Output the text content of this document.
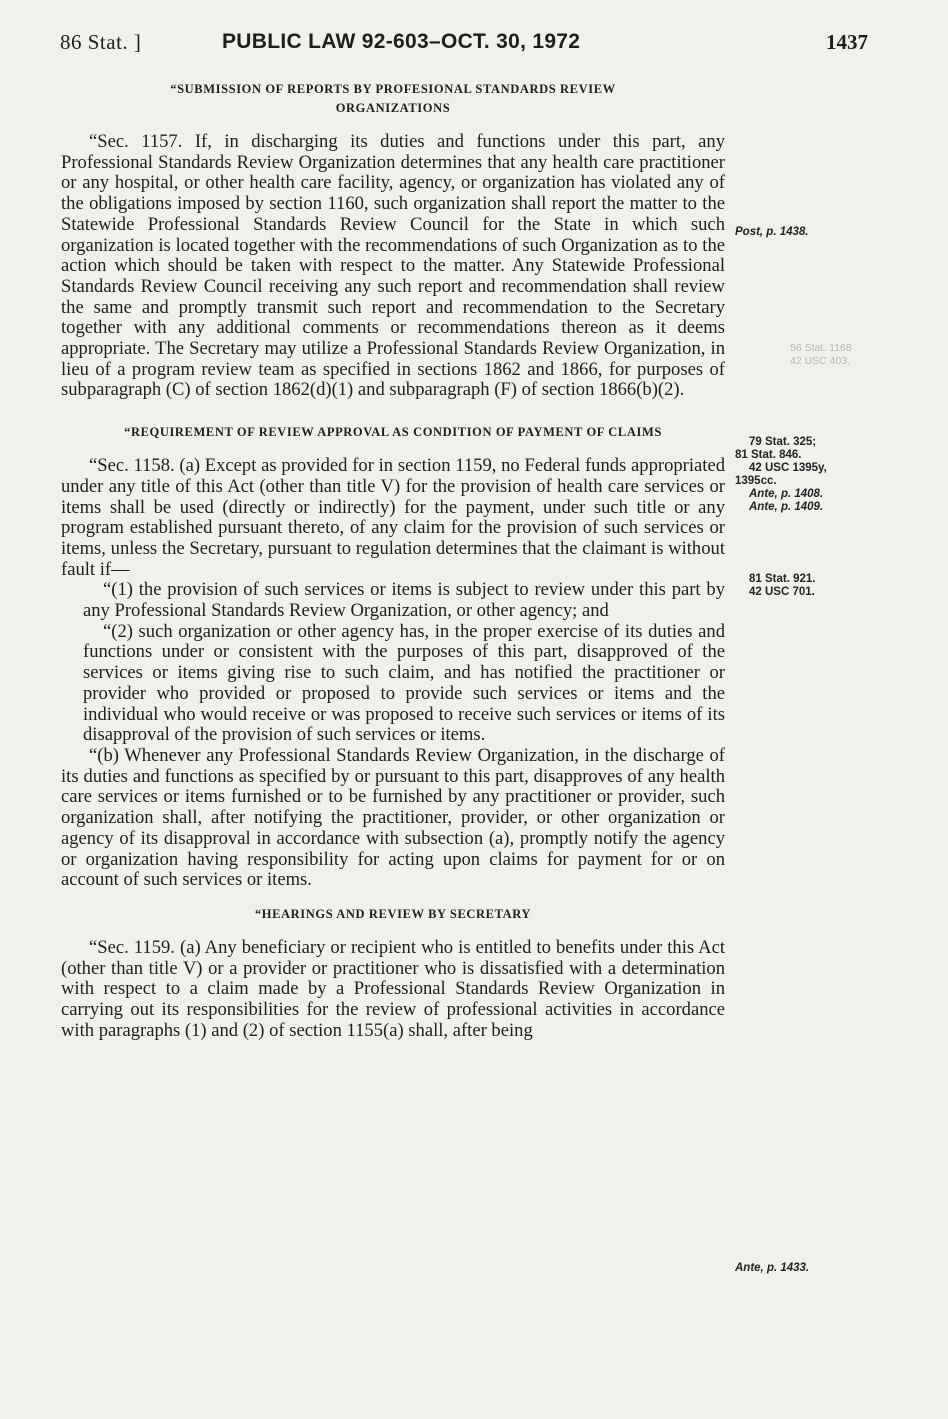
86 Stat. ]	PUBLIC LAW 92-603–OCT. 30, 1972	1437
“SUBMISSION OF REPORTS BY PROFESIONAL STANDARDS REVIEW
ORGANIZATIONS

“Sec. 1157. If, in discharging its duties and functions under this part, any Professional Standards Review Organization determines that any health care practitioner or any hospital, or other health care facility, agency, or organization has violated any of the obligations imposed by section 1160, such organization shall report the matter to the Statewide Professional Standards Review Council for the State in which such organization is located together with the recommendations of such Organization as to the action which should be taken with respect to the matter. Any Statewide Professional Standards Review Council receiving any such report and recommendation shall review the same and promptly transmit such report and recommendation to the Secretary together with any additional comments or recommendations thereon as it deems appropriate. The Secretary may utilize a Professional Standards Review Organization, in lieu of a program review team as specified in sections 1862 and 1866, for purposes of subparagraph (C) of section 1862(d)(1) and subparagraph (F) of section 1866(b)(2).

“REQUIREMENT OF REVIEW APPROVAL AS CONDITION OF PAYMENT OF CLAIMS

“Sec. 1158. (a) Except as provided for in section 1159, no Federal funds appropriated under any title of this Act (other than title V) for the provision of health care services or items shall be used (directly or indirectly) for the payment, under such title or any program established pursuant thereto, of any claim for the provision of such services or items, unless the Secretary, pursuant to regulation determines that the claimant is without fault if—

“(1) the provision of such services or items is subject to review under this part by any Professional Standards Review Organization, or other agency; and

“(2) such organization or other agency has, in the proper exercise of its duties and functions under or consistent with the purposes of this part, disapproved of the services or items giving rise to such claim, and has notified the practitioner or provider who provided or proposed to provide such services or items and the individual who would receive or was proposed to receive such services or items of its disapproval of the provision of such services or items.

“(b) Whenever any Professional Standards Review Organization, in the discharge of its duties and functions as specified by or pursuant to this part, disapproves of any health care services or items furnished or to be furnished by any practitioner or provider, such organization shall, after notifying the practitioner, provider, or other organization or agency of its disapproval in accordance with subsection (a), promptly notify the agency or organization having responsibility for acting upon claims for payment for or on account of such services or items.

“HEARINGS AND REVIEW BY SECRETARY

“Sec. 1159. (a) Any beneficiary or recipient who is entitled to benefits under this Act (other than title V) or a provider or practitioner who is dissatisfied with a determination with respect to a claim made by a Professional Standards Review Organization in carrying out its responsibilities for the review of professional activities in accordance with paragraphs (1) and (2) of section 1155(a) shall, after being

Post, p. 1438.
56 Stat. 1168
42 USC 403.
79 Stat. 325;
81 Stat. 846.
42 USC 1395y,
1395cc.
Ante, p. 1408.
Ante, p. 1409.
81 Stat. 921.
42 USC 701.
Ante, p. 1433.
